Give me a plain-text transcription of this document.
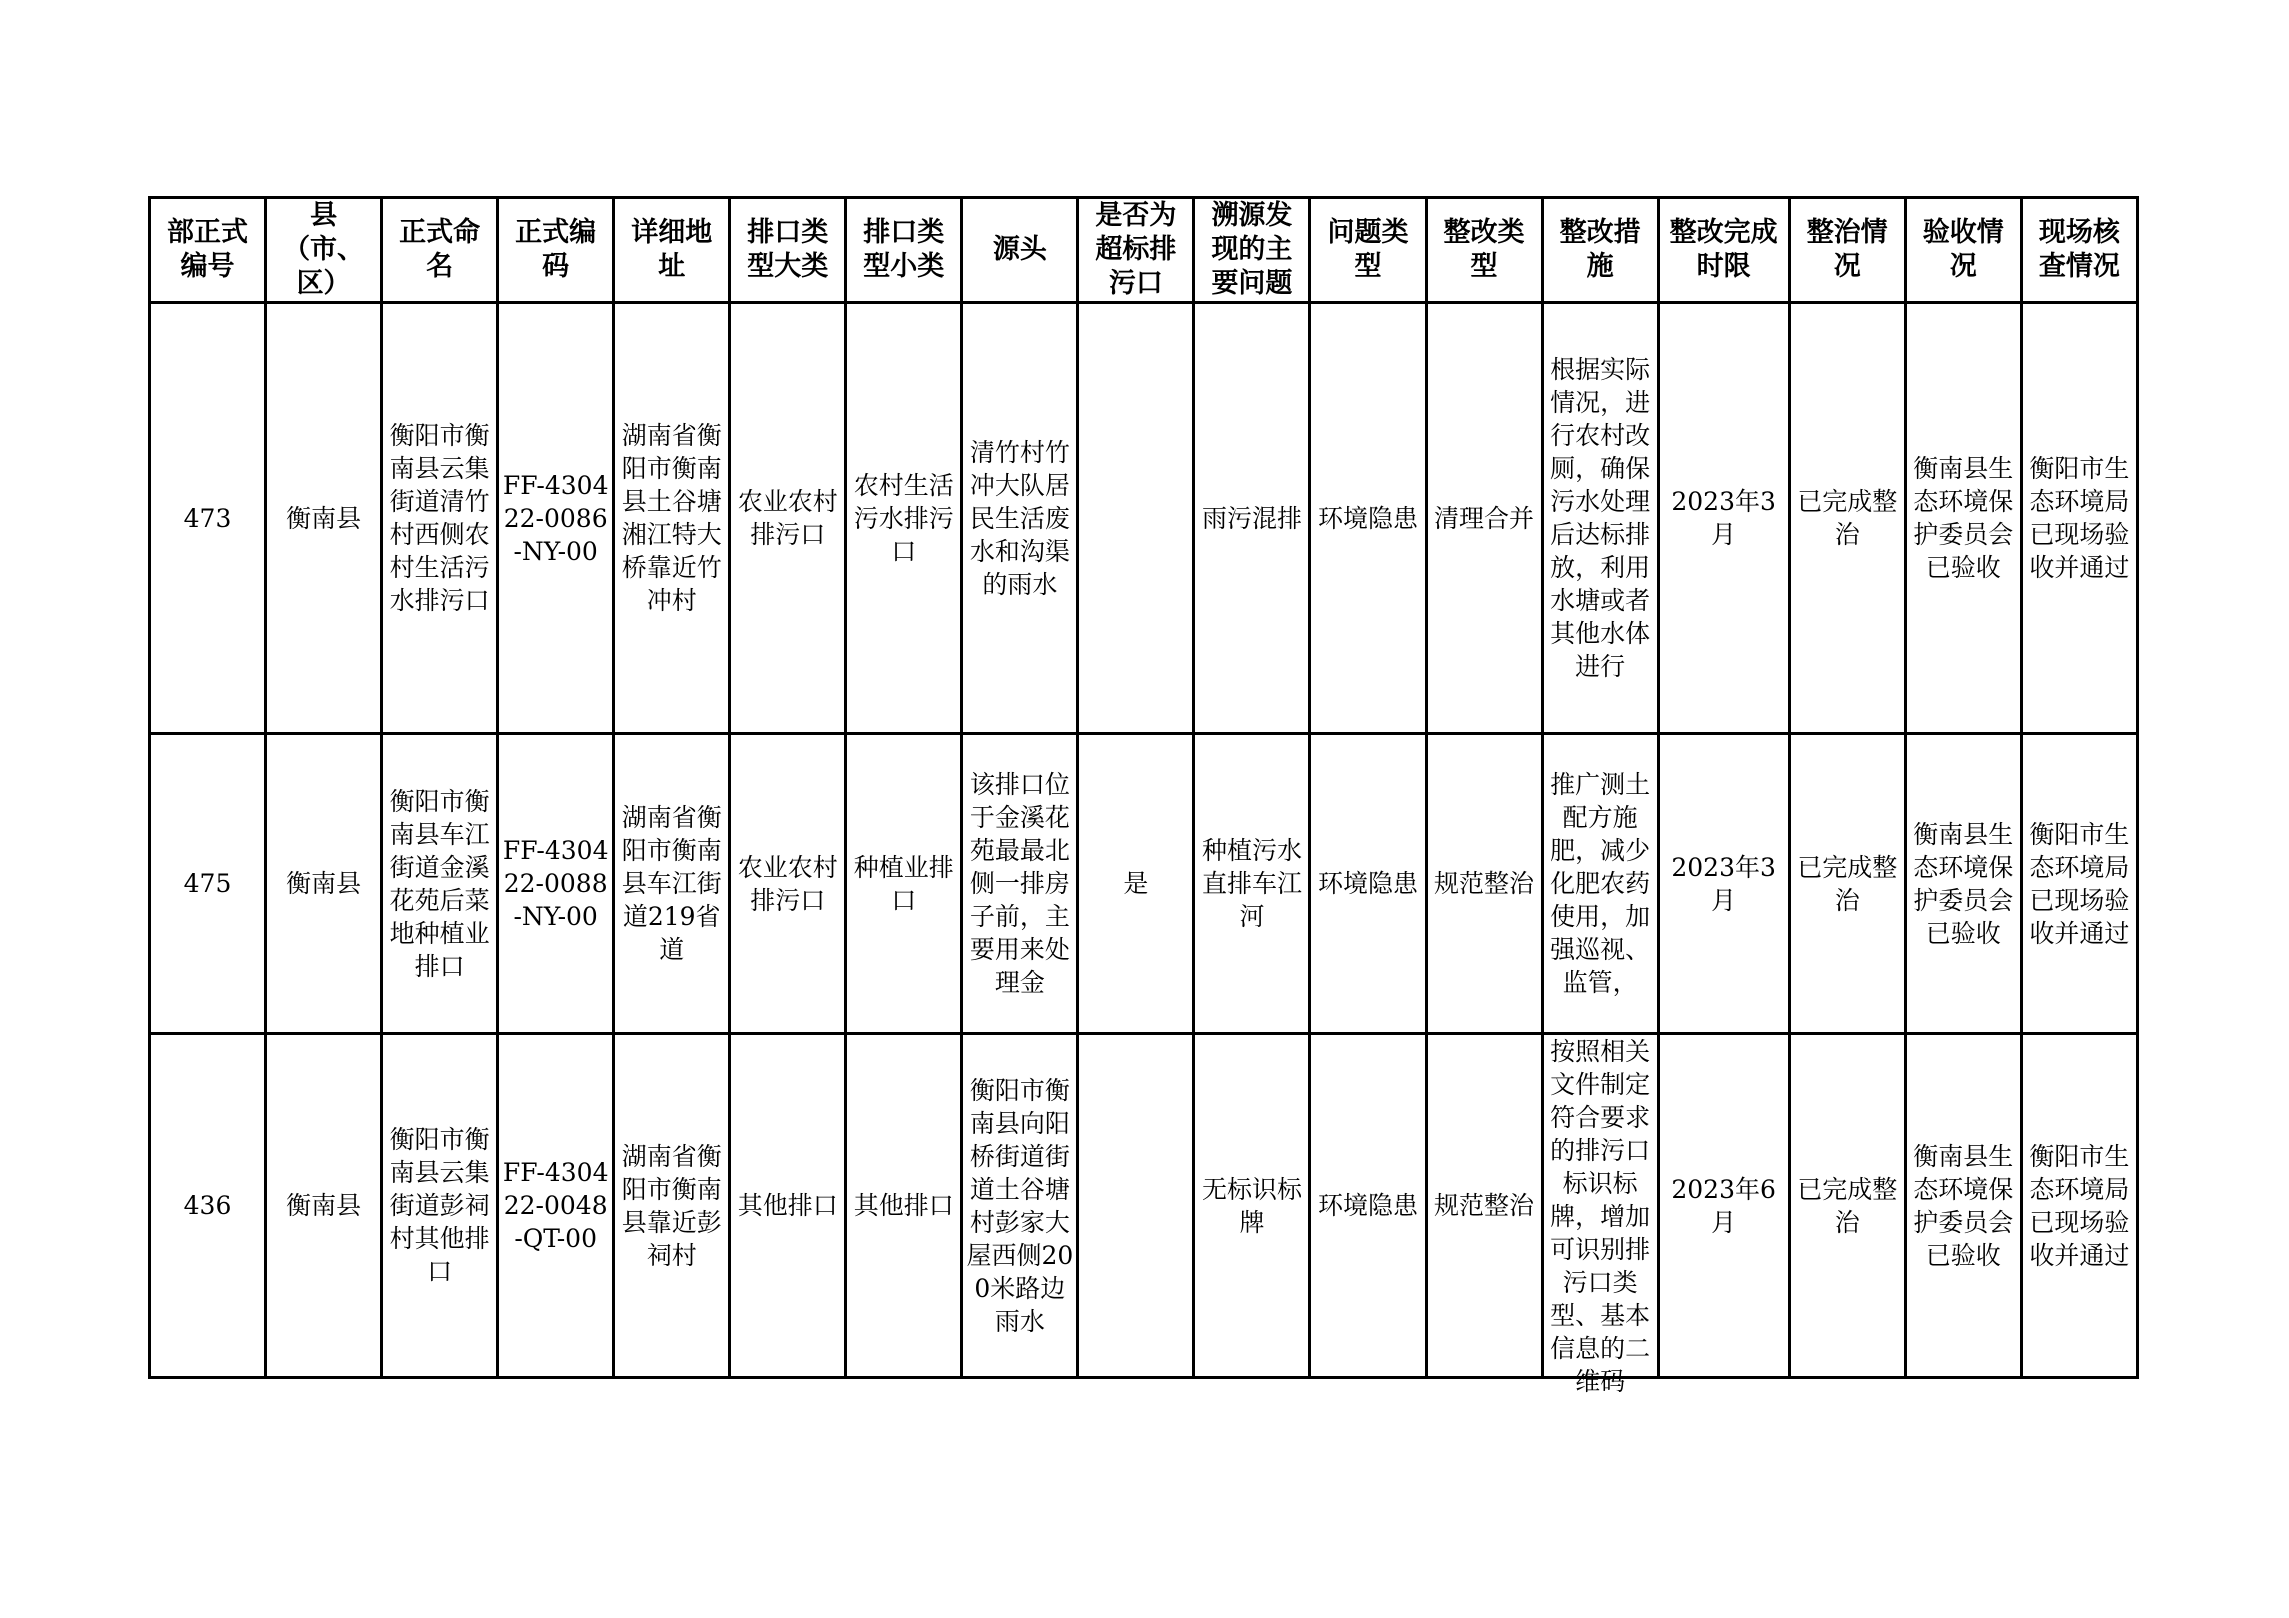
部正式编号	县（市、区）	正式命名	正式编码	详细地址	排口类型大类	排口类型小类	源头	是否为超标排污口	溯源发现的主要问题	问题类型	整改类型	整改措施	整改完成时限	整治情况	验收情况	现场核查情况

473	衡南县	衡阳市衡南县云集街道清竹村西侧农村生活污水排污口	FF-430422-0086-NY-00	湖南省衡阳市衡南县土谷塘湘江特大桥靠近竹冲村	农业农村排污口	农村生活污水排污口	清竹村竹冲大队居民生活废水和沟渠的雨水		雨污混排	环境隐患	清理合并	根据实际情况，进行农村改厕，确保污水处理后达标排放，利用水塘或者其他水体进行	2023年3月	已完成整治	衡南县生态环境保护委员会已验收	衡阳市生态环境局已现场验收并通过

475	衡南县	衡阳市衡南县车江街道金溪花苑后菜地种植业排口	FF-430422-0088-NY-00	湖南省衡阳市衡南县车江街道219省道	农业农村排污口	种植业排口	该排口位于金溪花苑最最北侧一排房子前，主要用来处理金	是	种植污水直排车江河	环境隐患	规范整治	推广测土配方施肥，减少化肥农药使用，加强巡视、监管，	2023年3月	已完成整治	衡南县生态环境保护委员会已验收	衡阳市生态环境局已现场验收并通过

436	衡南县	衡阳市衡南县云集街道彭祠村其他排口	FF-430422-0048-QT-00	湖南省衡阳市衡南县靠近彭祠村	其他排口	其他排口	衡阳市衡南县向阳桥街道街道土谷塘村彭家大屋西侧200米路边雨水		无标识标牌	环境隐患	规范整治	按照相关文件制定符合要求的排污口标识标牌，增加可识别排污口类型、基本信息的二维码	2023年6月	已完成整治	衡南县生态环境保护委员会已验收	衡阳市生态环境局已现场验收并通过
